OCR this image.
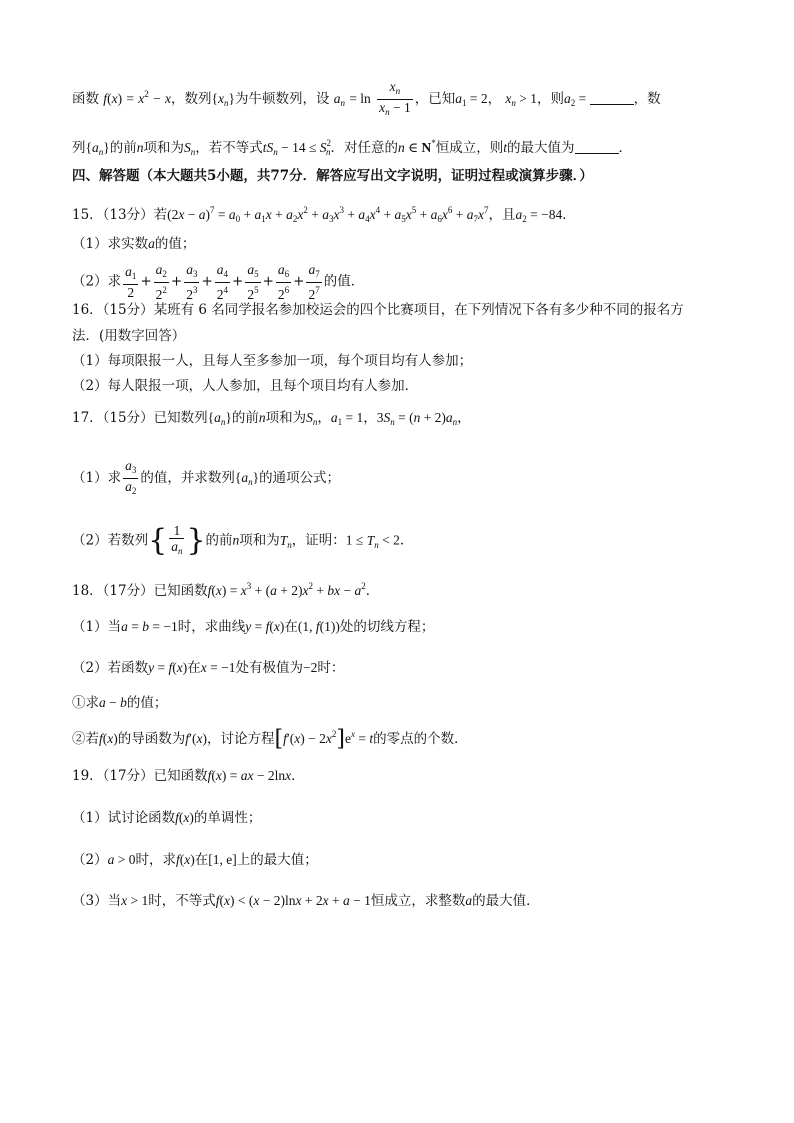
函数 $f(x) = x^2 - x$，数列$\{x_n\}$为牛顿数列，设 $a_n = \ln \frac{x_n}{x_n - 1}$ ，已知$a_1 = 2$， $x_n > 1$，则$a_2$ =	，数
列$\{a_n\}$的前n项和为$S_n$，若不等式$tS_n - 14 \le S^2_n$．对任意的n ∈ N*恒成立，则t的最大值为	．
四、解答题（本大题共5小题，共77分．解答应写出文字说明，证明过程或演算步骤．）
15．（13分）若$(2x - a)^7 = a_0 + a_1x + a_2x^2 + a_3x^3 + a_4x^4 + a_5x^5 + a_6x^6 + a_7x^7$，且$a_2 = -84$．
（1）求实数a的值；
（2）求 $\frac{a_1}{2} + \frac{a_2}{2^2} + \frac{a_3}{2^3} + \frac{a_4}{2^4} + \frac{a_5}{2^5} + \frac{a_6}{2^6} + \frac{a_7}{2^7}$ 的值．
16．（15分）某班有 6 名同学报名参加校运会的四个比赛项目，在下列情况下各有多少种不同的报名方
法．(用数字回答）
（1）每项限报一人，且每人至多参加一项，每个项目均有人参加；
（2）每人限报一项，人人参加，且每个项目均有人参加．
17．（15分）已知数列$\{a_n\}$的前n项和为$S_n$，$a_1 = 1$，$3S_n = (n + 2)a_n$，
（1）求 $\frac{a_3}{a_2}$ 的值，并求数列$\{a_n\}$的通项公式；
（2）若数列{ $\frac{1}{a_n}$ }的前n项和为$T_n$，证明：$1 \le T_n < 2$．
18．（17分）已知函数$f(x) = x^3 + (a + 2)x^2$ + bx − $a^2$．
（1）当a = b = −1时，求曲线y = f(x)在(1, f(1))处的切线方程；
（2）若函数y = f(x)在x = −1处有极值为−2时：
①求a − b的值；
②若f(x)的导函数为f′(x)，讨论方程$[f'(x) - 2x^2]e^x = t$的零点的个数．
19．（17分）已知函数f(x) = ax − 2lnx．
（1）试讨论函数f(x)的单调性；
（2）a > 0时，求f(x)在[1, e]上的最大值；
（3）当x > 1时，不等式f(x) < (x − 2)lnx + 2x + a − 1恒成立，求整数a的最大值．
